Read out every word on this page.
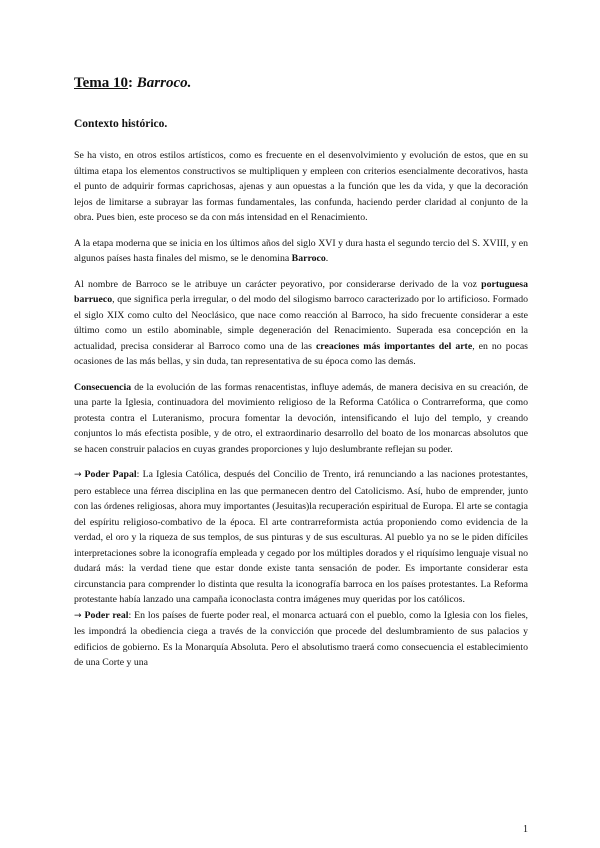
Tema 10: Barroco.
Contexto histórico.

Se ha visto, en otros estilos artísticos, como es frecuente en el desenvolvimiento y evolución de estos, que en su última etapa los elementos constructivos se multipliquen y empleen con criterios esencialmente decorativos, hasta el punto de adquirir formas caprichosas, ajenas y aun opuestas a la función que les da vida, y que la decoración lejos de limitarse a subrayar las formas fundamentales, las confunda, haciendo perder claridad al conjunto de la obra. Pues bien, este proceso se da con más intensidad en el Renacimiento.

A la etapa moderna que se inicia en los últimos años del siglo XVI y dura hasta el segundo tercio del S. XVIII, y en algunos países hasta finales del mismo, se le denomina Barroco.

Al nombre de Barroco se le atribuye un carácter peyorativo, por considerarse derivado de la voz portuguesa barrueco, que significa perla irregular, o del modo del silogismo barroco caracterizado por lo artificioso. Formado el siglo XIX como culto del Neoclásico, que nace como reacción al Barroco, ha sido frecuente considerar a este último como un estilo abominable, simple degeneración del Renacimiento. Superada esa concepción en la actualidad, precisa considerar al Barroco como una de las creaciones más importantes del arte, en no pocas ocasiones de las más bellas, y sin duda, tan representativa de su época como las demás.

Consecuencia de la evolución de las formas renacentistas, influye además, de manera decisiva en su creación, de una parte la Iglesia, continuadora del movimiento religioso de la Reforma Católica o Contrarreforma, que como protesta contra el Luteranismo, procura fomentar la devoción, intensificando el lujo del templo, y creando conjuntos lo más efectista posible, y de otro, el extraordinario desarrollo del boato de los monarcas absolutos que se hacen construir palacios en cuyas grandes proporciones y lujo deslumbrante reflejan su poder.

→ Poder Papal: La Iglesia Católica, después del Concilio de Trento, irá renunciando a las naciones protestantes, pero establece una férrea disciplina en las que permanecen dentro del Catolicismo. Así, hubo de emprender, junto con las órdenes religiosas, ahora muy importantes (Jesuitas)la recuperación espiritual de Europa. El arte se contagia del espíritu religioso-combativo de la época. El arte contrarreformista actúa proponiendo como evidencia de la verdad, el oro y la riqueza de sus templos, de sus pinturas y de sus esculturas. Al pueblo ya no se le piden difíciles interpretaciones sobre la iconografía empleada y cegado por los múltiples dorados y el riquísimo lenguaje visual no dudará más: la verdad tiene que estar donde existe tanta sensación de poder. Es importante considerar esta circunstancia para comprender lo distinta que resulta la iconografía barroca en los países protestantes. La Reforma protestante había lanzado una campaña iconoclasta contra imágenes muy queridas por los católicos.

→ Poder real: En los países de fuerte poder real, el monarca actuará con el pueblo, como la Iglesia con los fieles, les impondrá la obediencia ciega a través de la convicción que procede del deslumbramiento de sus palacios y edificios de gobierno. Es la Monarquía Absoluta. Pero el absolutismo traerá como consecuencia el establecimiento de una Corte y una

1
